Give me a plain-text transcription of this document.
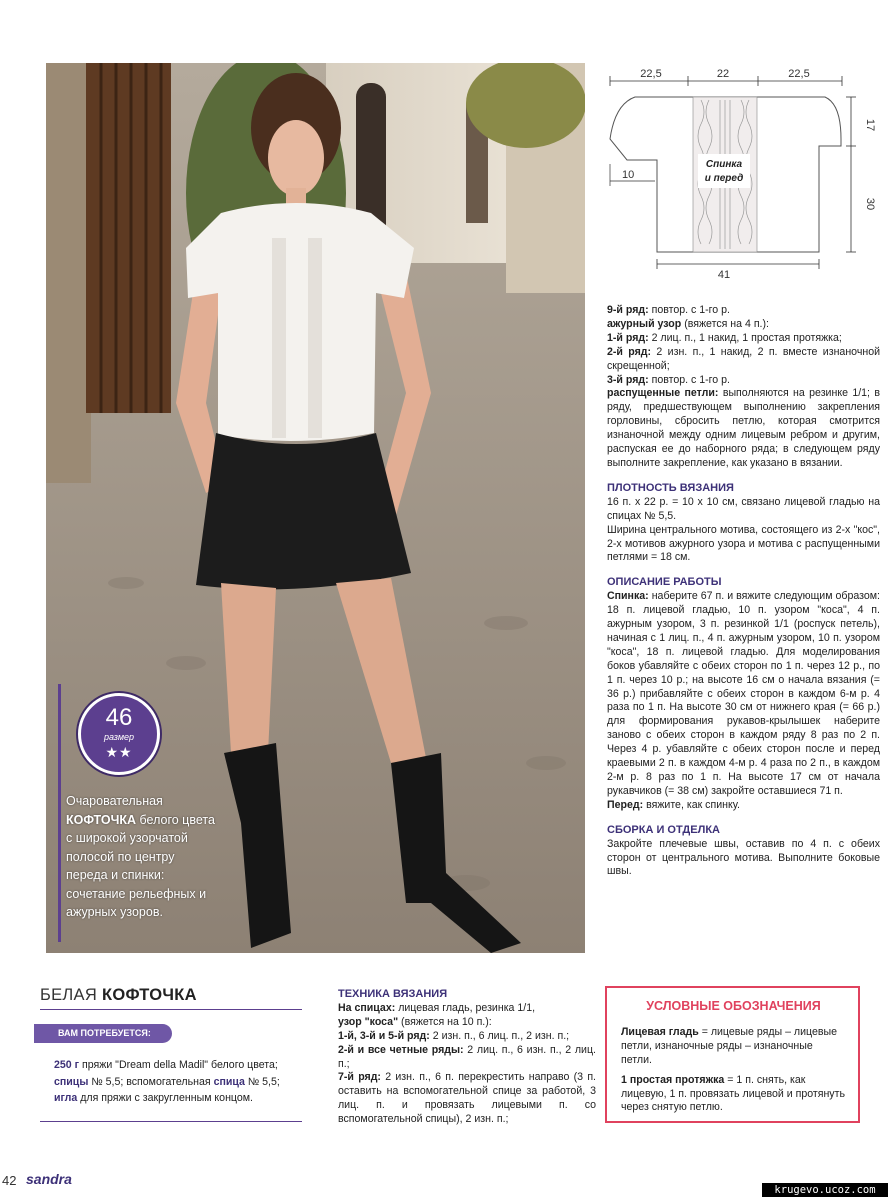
46
размер
★★
Очаровательная
КОФТОЧКА белого цвета с широкой узорчатой полосой по центру переда и спинки: сочетание рельефных и ажурных узоров.
22,5	22	22,5
Спинка
и перед
10
41
17
30

9-й ряд: повтор. с 1-го р.

ажурный узор (вяжется на 4 п.):

1-й ряд: 2 лиц. п., 1 накид, 1 простая протяжка;

2-й ряд: 2 изн. п., 1 накид, 2 п. вместе изнаночной скрещенной;

3-й ряд: повтор. с 1-го р.

распущенные петли: выполняются на резинке 1/1; в ряду, предшествующем выполнению закрепления горловины, сбросить петлю, которая смотрится изнаночной между одним лицевым ребром и другим, распуская ее до наборного ряда; в следующем ряду выполните закрепление, как указано в вязании.

ПЛОТНОСТЬ ВЯЗАНИЯ

16 п. х 22 р. = 10 х 10 см, связано лицевой гладью на спицах № 5,5.

Ширина центрального мотива, состоящего из 2-х "кос", 2-х мотивов ажурного узора и мотива с распущенными петлями = 18 см.

ОПИСАНИЕ РАБОТЫ

Спинка: наберите 67 п. и вяжите следующим образом: 18 п. лицевой гладью, 10 п. узором "коса", 4 п. ажурным узором, 3 п. резинкой 1/1 (роспуск петель), начиная с 1 лиц. п., 4 п. ажурным узором, 10 п. узором "коса", 18 п. лицевой гладью. Для моделирования боков убавляйте с обеих сторон по 1 п. через 12 р., по 1 п. через 10 р.; на высоте 16 см о начала вязания (= 36 р.) прибавляйте с обеих сторон в каждом 6-м р. 4 раза по 1 п. На высоте 30 см от нижнего края (= 66 р.) для формирования рукавов-крылышек наберите заново с обеих сторон в каждом ряду 8 раз по 2 п. Через 4 р. убавляйте с обеих сторон после и перед краевыми 2 п. в каждом 4-м р. 4 раза по 2 п., в каждом 2-м р. 8 раз по 1 п. На высоте 17 см от начала рукавчиков (= 38 см) закройте оставшиеся 71 п.

Перед: вяжите, как спинку.

СБОРКА И ОТДЕЛКА

Закройте плечевые швы, оставив по 4 п. с обеих сторон от центрального мотива. Выполните боковые швы.

БЕЛАЯ КОФТОЧКА
ВАМ ПОТРЕБУЕТСЯ:
250 г пряжи "Dream della Madil" белого цвета;
спицы № 5,5; вспомогательная спица № 5,5;
игла для пряжи с закругленным концом.

ТЕХНИКА ВЯЗАНИЯ

На спицах: лицевая гладь, резинка 1/1,

узор "коса" (вяжется на 10 п.):

1-й, 3-й и 5-й ряд: 2 изн. п., 6 лиц. п., 2 изн. п.;

2-й и все четные ряды: 2 лиц. п., 6 изн. п., 2 лиц. п.;

7-й ряд: 2 изн. п., 6 п. перекрестить направо (3 п. оставить на вспомогательной спице за работой, 3 лиц. п. и провязать лицевыми п. со вспомогательной спицы), 2 изн. п.;

УСЛОВНЫЕ ОБОЗНАЧЕНИЯ

Лицевая гладь = лицевые ряды – лицевые петли, изнаночные ряды – изнаночные петли.

1 простая протяжка = 1 п. снять, как лицевую, 1 п. провязать лицевой и протянуть через снятую петлю.

42 sandra
krugevo.ucoz.com
